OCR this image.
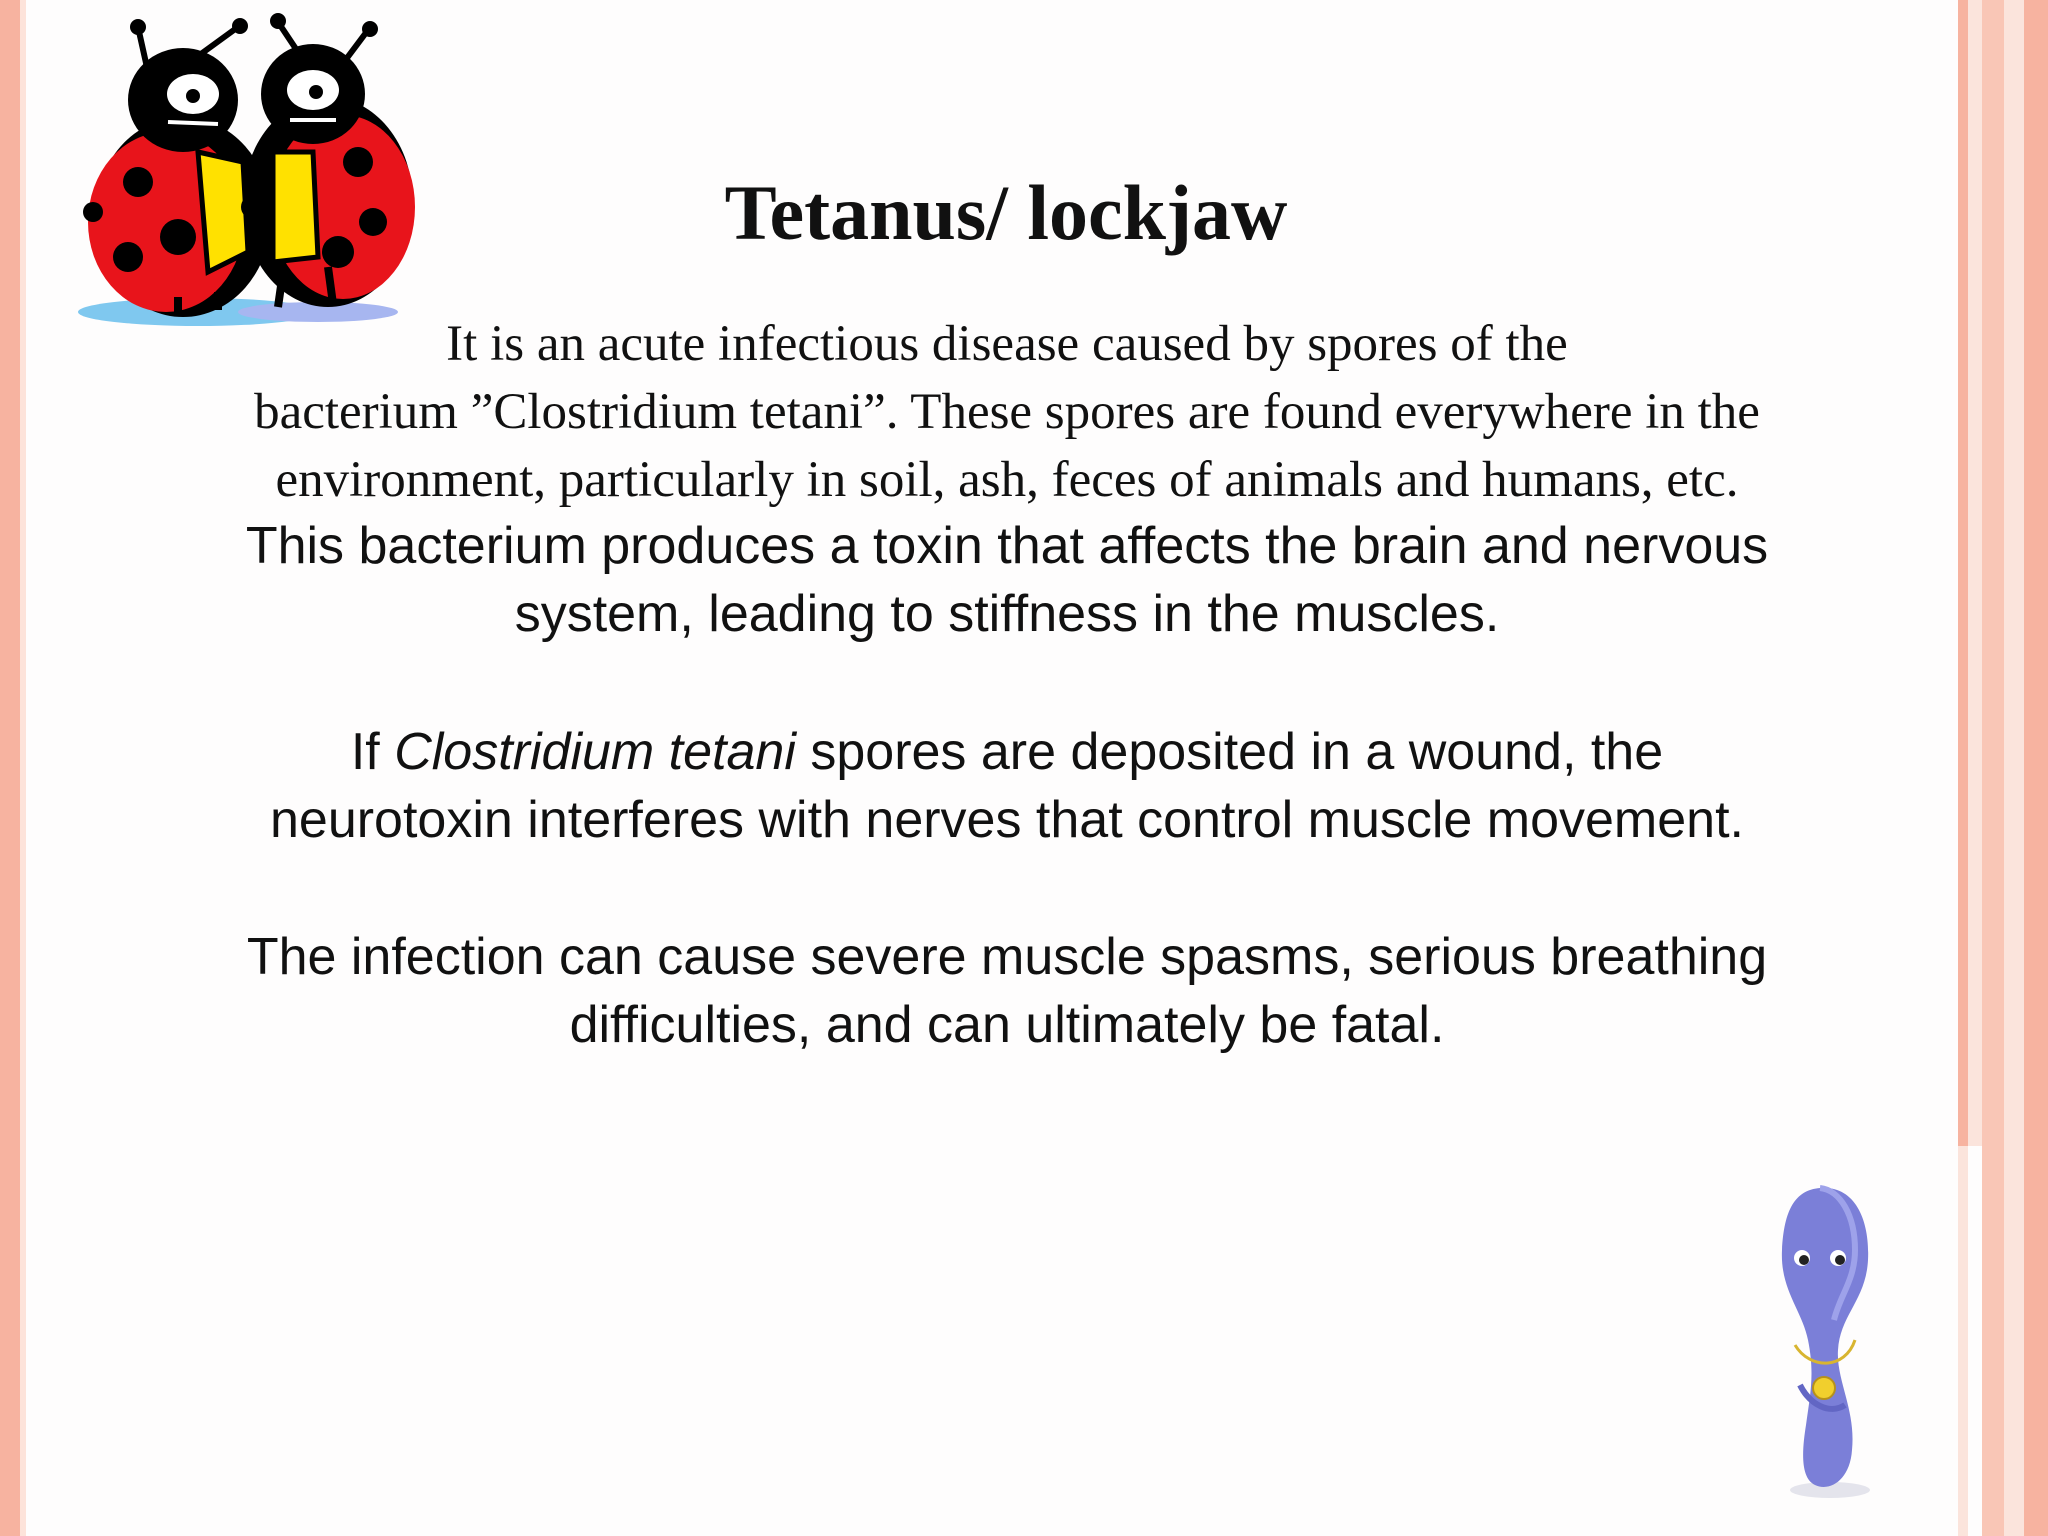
Tetanus/ lockjaw
It is an acute infectious disease caused by spores of the
bacterium ”Clostridium tetani”. These spores are found everywhere in the
environment, particularly in soil, ash, feces of animals and humans, etc.
This bacterium produces a toxin that affects the brain and nervous
system, leading to stiffness in the muscles.
If Clostridium tetani spores are deposited in a wound, the
neurotoxin interferes with nerves that control muscle movement.
The infection can cause severe muscle spasms, serious breathing
difficulties, and can ultimately be fatal.
